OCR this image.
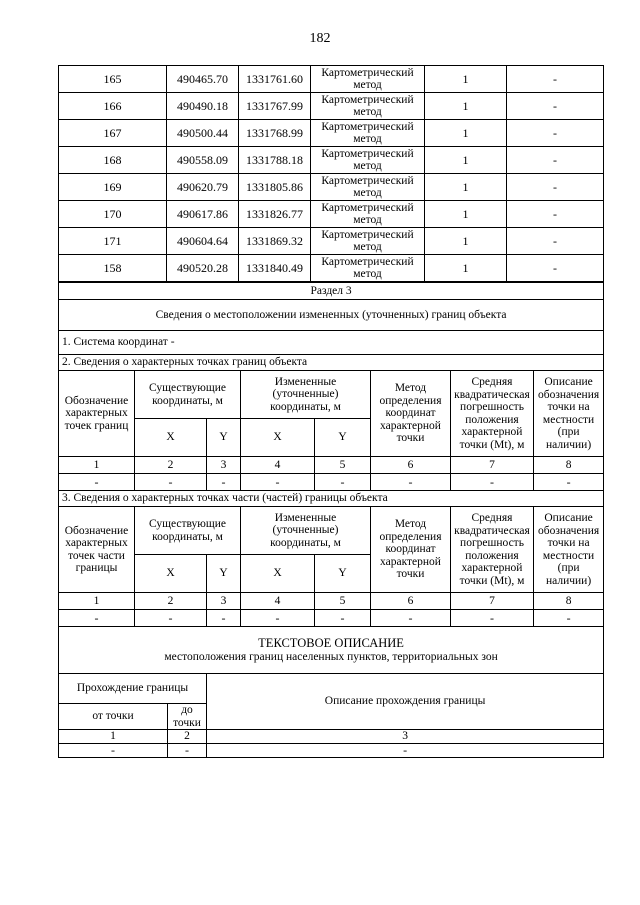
182
165	490465.70	1331761.60	Картометрический метод	1	-
166	490490.18	1331767.99	Картометрический метод	1	-
167	490500.44	1331768.99	Картометрический метод	1	-
168	490558.09	1331788.18	Картометрический метод	1	-
169	490620.79	1331805.86	Картометрический метод	1	-
170	490617.86	1331826.77	Картометрический метод	1	-
171	490604.64	1331869.32	Картометрический метод	1	-
158	490520.28	1331840.49	Картометрический метод	1	-
Раздел 3								
Сведения о местоположении измененных (уточненных) границ объекта								
1. Система координат -								
2. Сведения о характерных точках границ объекта								
Обозначение характерных точек границ	Существующие координаты, м			Измененные (уточненные) координаты, м		Метод определения координат характерной точки	Средняя квадратическая погрешность положения характерной точки (Mt), м	Описание обозначения точки на местности (при наличии)
	X		Y	X	Y			
1	2		3	4	5	6	7	8
-	-		-	-	-	-	-	-
3. Сведения о характерных точках части (частей) границы объекта								
Обозначение характерных точек части границы	Существующие координаты, м			Измененные (уточненные) координаты, м		Метод определения координат характерной точки	Средняя квадратическая погрешность положения характерной точки (Mt), м	Описание обозначения точки на местности (при наличии)
	X		Y	X	Y			
1	2		3	4	5	6	7	8
-	-		-	-	-	-	-	-

ТЕКСТОВОЕ ОПИСАНИЕ
местоположения границ населенных пунктов, территориальных зон								

Прохождение границы			Описание прохождения границы					
от точки		до точки						
1		2	3					
-		-	-					
